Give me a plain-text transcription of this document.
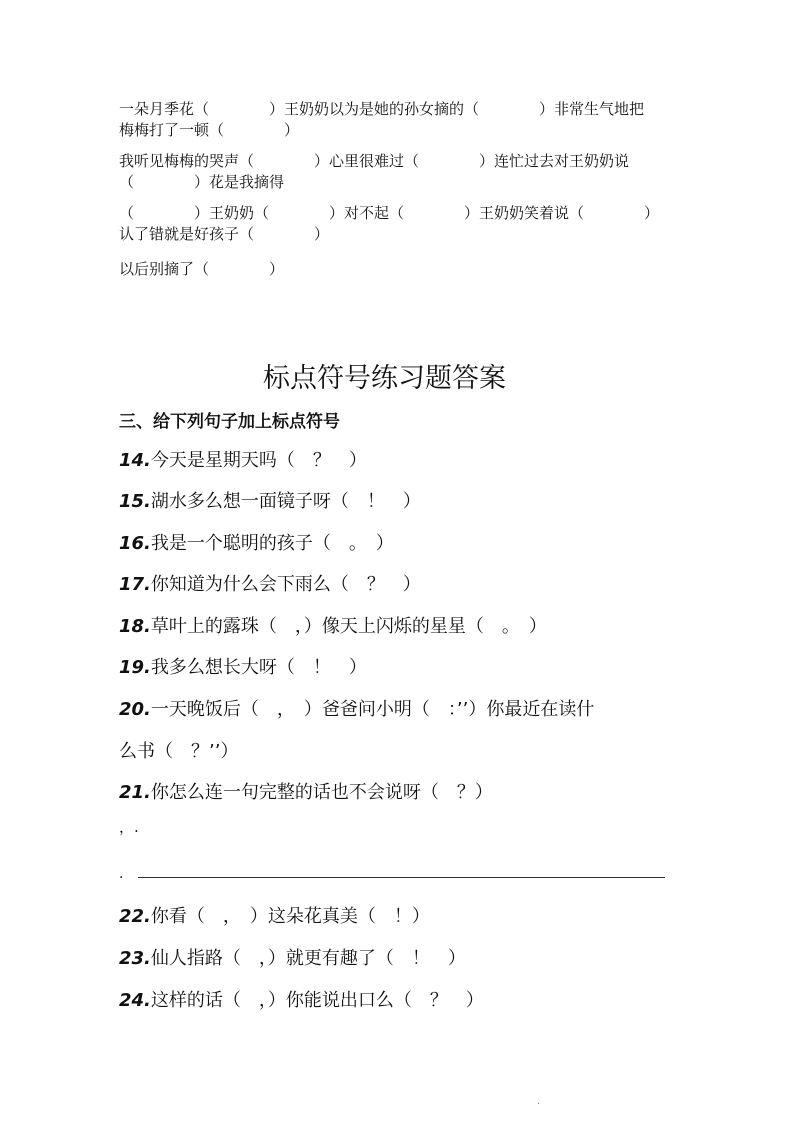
一朵月季花（　　　　）王奶奶以为是她的孙女摘的（　　　　）非常生气地把
梅梅打了一顿（　　　　）
我听见梅梅的哭声（　　　　）心里很难过（　　　　）连忙过去对王奶奶说
（　　　　）花是我摘得
（　　　　）王奶奶（　　　　）对不起（　　　　）王奶奶笑着说（　　　　）
认了错就是好孩子（　　　　）
以后别摘了（　　　　）
标点符号练习题答案
三、给下列句子加上标点符号
14.今天是星期天吗（　？　）
15.湖水多么想一面镜子呀（　！　）
16.我是一个聪明的孩子（　。　）
17.你知道为什么会下雨么（　？　）
18.草叶上的露珠（　，）像天上闪烁的星星（　。　）
19.我多么想长大呀（　！　）
20.一天晚饭后（　，　）爸爸问小明（　：’’）你最近在读什
么书（　？’’）
21.你怎么连一句完整的话也不会说呀（　？）
，.
.
22.你看（　，　）这朵花真美（　！）
23.仙人指路（　，）就更有趣了（　！　）
24.这样的话（　，）你能说出口么（　？　）
.
